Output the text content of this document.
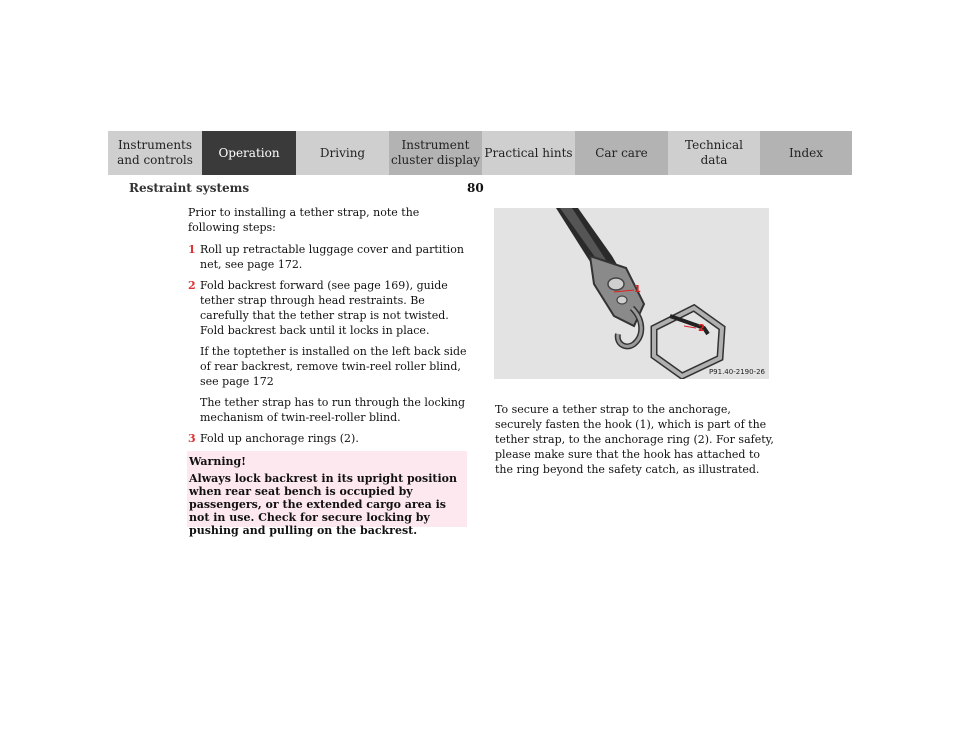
Instruments
and controls
Operation	Driving
Instrument
cluster display
Practical hints	Car care
Technical
data
Index
Restraint systems	80

Prior to installing a tether strap, note the following steps:

1 Roll up retractable luggage cover and partition net, see page 172.
2 Fold backrest forward (see page 169), guide tether strap through head restraints. Be carefully that the tether strap is not twisted. Fold backrest back until it locks in place.

If the toptether is installed on the left back side of rear backrest, remove twin-reel roller blind, see page 172

The tether strap has to run through the locking mechanism of twin-reel-roller blind.

3 Fold up anchorage rings (2).
Warning!
Always lock backrest in its upright position when rear seat bench is occupied by passengers, or the extended cargo area is not in use. Check for secure locking by pushing and pulling on the backrest.
1
2
P91.40-2190-26

To secure a tether strap to the anchorage, securely fasten the hook (1), which is part of the tether strap, to the anchorage ring (2). For safety, please make sure that the hook has attached to the ring beyond the safety catch, as illustrated.
